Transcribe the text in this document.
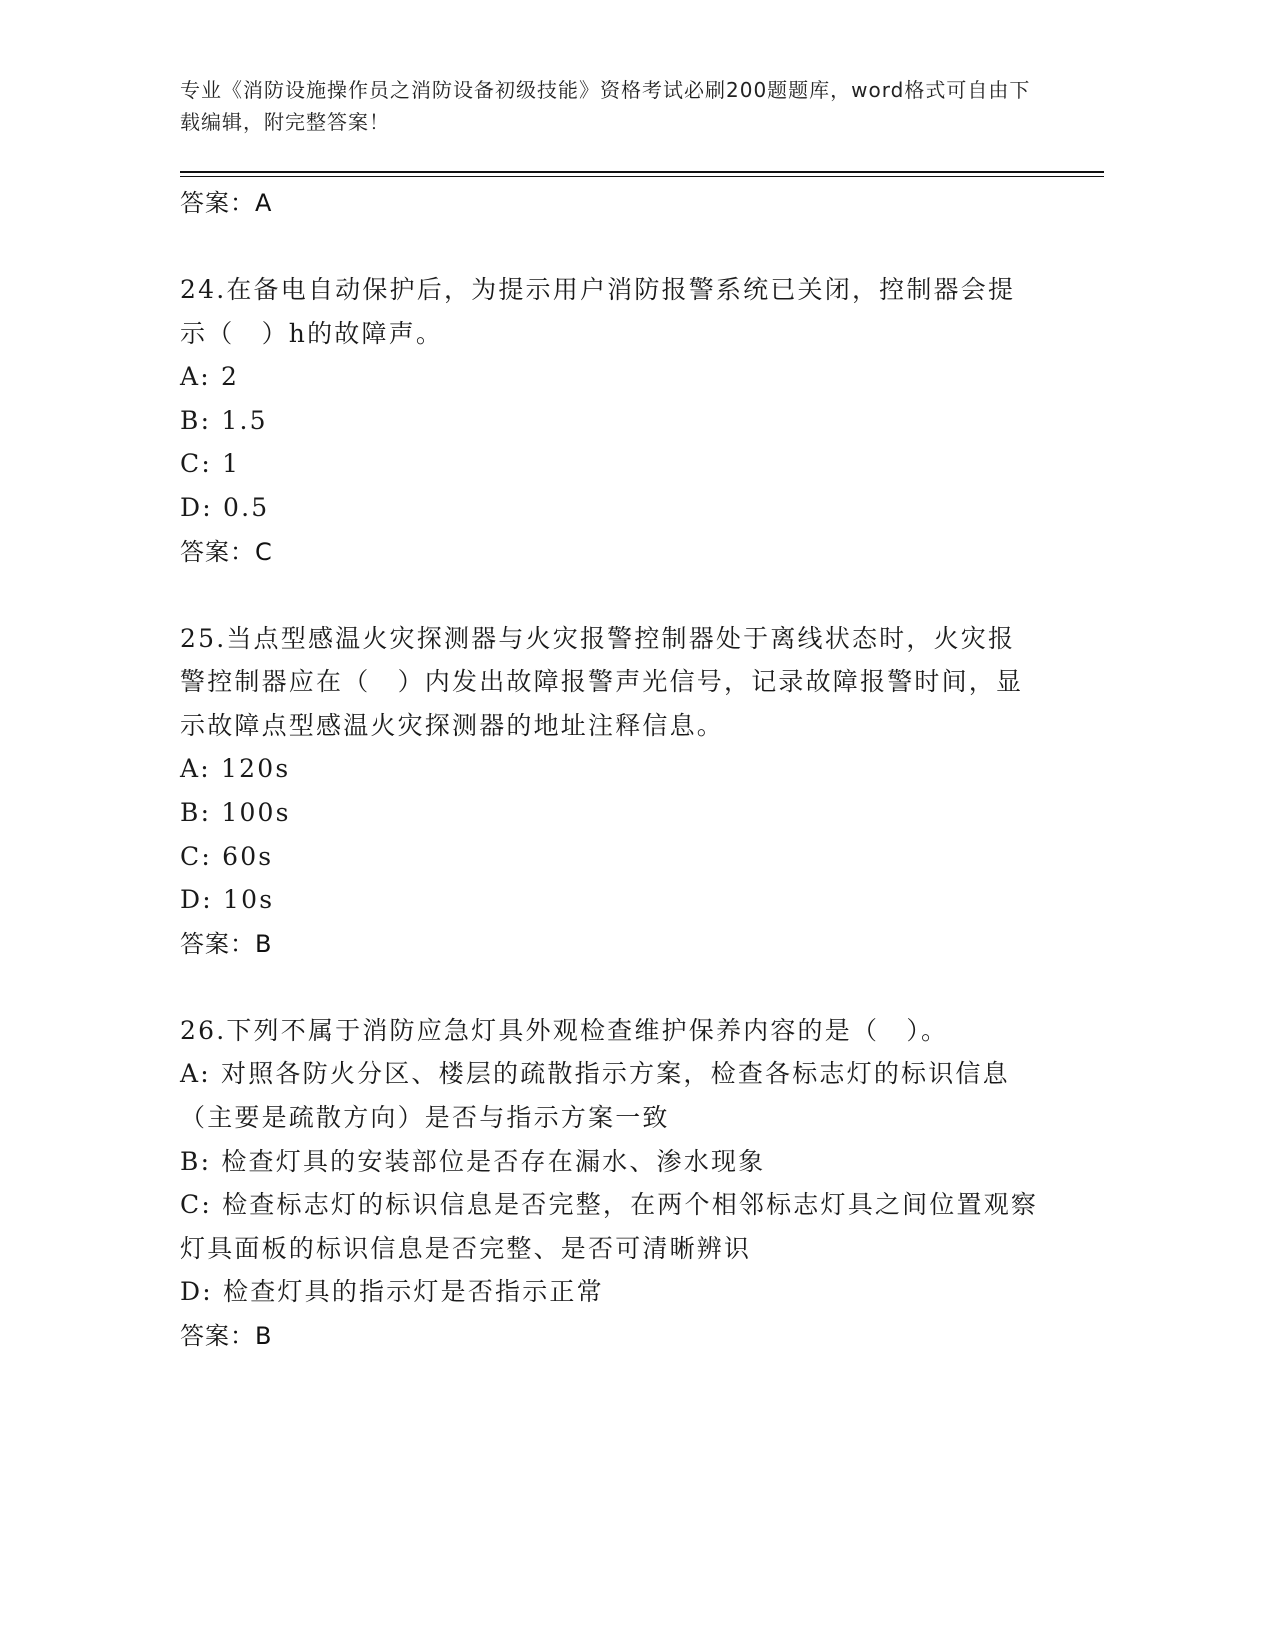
专业《消防设施操作员之消防设备初级技能》资格考试必刷200题题库，word格式可自由下载编辑，附完整答案！
答案：A

24.在备电自动保护后，为提示用户消防报警系统已关闭，控制器会提示（　）h的故障声。

A: 2

B: 1.5

C: 1

D: 0.5

答案：C

25.当点型感温火灾探测器与火灾报警控制器处于离线状态时，火灾报警控制器应在（　）内发出故障报警声光信号，记录故障报警时间，显示故障点型感温火灾探测器的地址注释信息。

A: 120s

B: 100s

C: 60s

D: 10s

答案：B

26.下列不属于消防应急灯具外观检查维护保养内容的是（　）。

A: 对照各防火分区、楼层的疏散指示方案，检查各标志灯的标识信息（主要是疏散方向）是否与指示方案一致

B: 检查灯具的安装部位是否存在漏水、渗水现象

C: 检查标志灯的标识信息是否完整，在两个相邻标志灯具之间位置观察灯具面板的标识信息是否完整、是否可清晰辨识

D: 检查灯具的指示灯是否指示正常

答案：B
